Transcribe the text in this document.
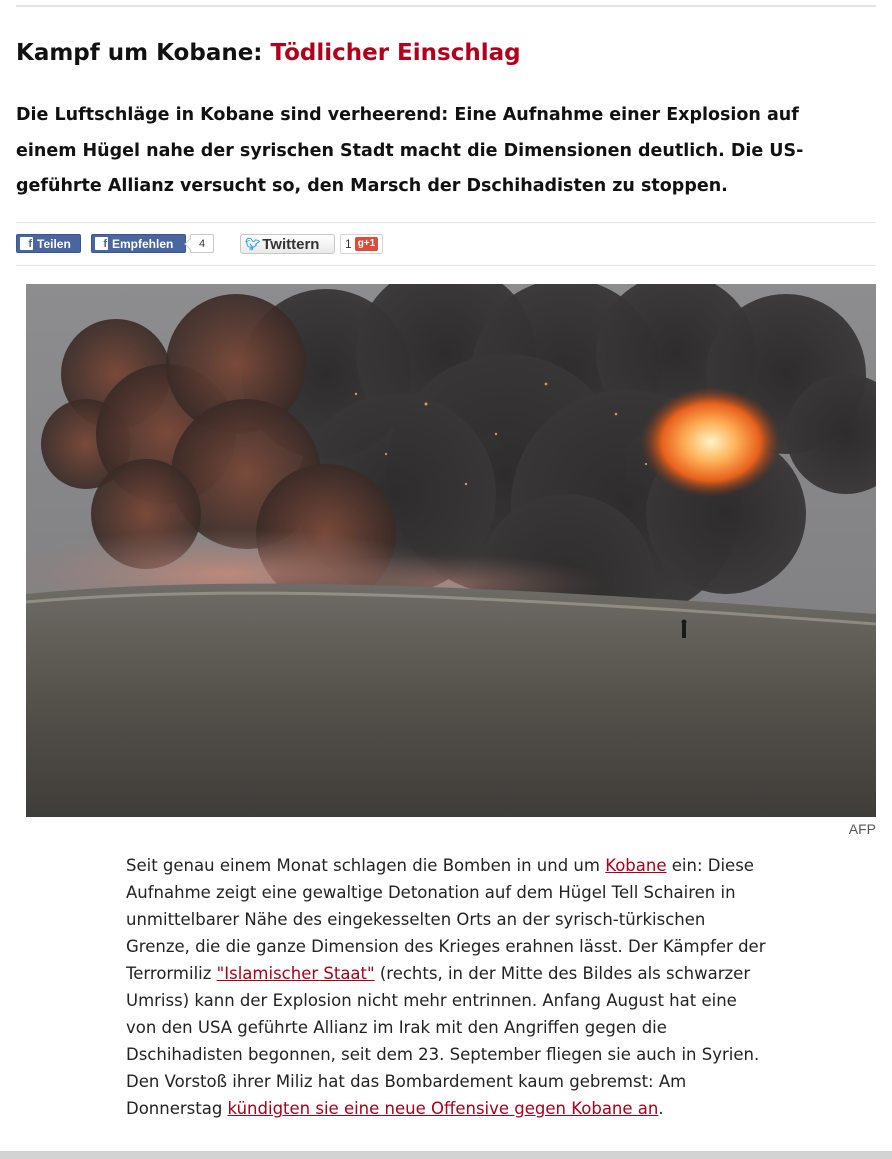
Kampf um Kobane: Tödlicher Einschlag

Die Luftschläge in Kobane sind verheerend: Eine Aufnahme einer Explosion auf einem Hügel nahe der syrischen Stadt macht die Dimensionen deutlich. Die US-geführte Allianz versucht so, den Marsch der Dschihadisten zu stoppen.

f Teilen	f Empfehlen	4	🐦︎ Twittern	1 g+1
AFP

Seit genau einem Monat schlagen die Bomben in und um Kobane ein: Diese Aufnahme zeigt eine gewaltige Detonation auf dem Hügel Tell Schairen in unmittelbarer Nähe des eingekesselten Orts an der syrisch-türkischen Grenze, die die ganze Dimension des Krieges erahnen lässt. Der Kämpfer der Terrormiliz "Islamischer Staat" (rechts, in der Mitte des Bildes als schwarzer Umriss) kann der Explosion nicht mehr entrinnen. Anfang August hat eine von den USA geführte Allianz im Irak mit den Angriffen gegen die Dschihadisten begonnen, seit dem 23. September fliegen sie auch in Syrien. Den Vorstoß ihrer Miliz hat das Bombardement kaum gebremst: Am Donnerstag kündigten sie eine neue Offensive gegen Kobane an.
